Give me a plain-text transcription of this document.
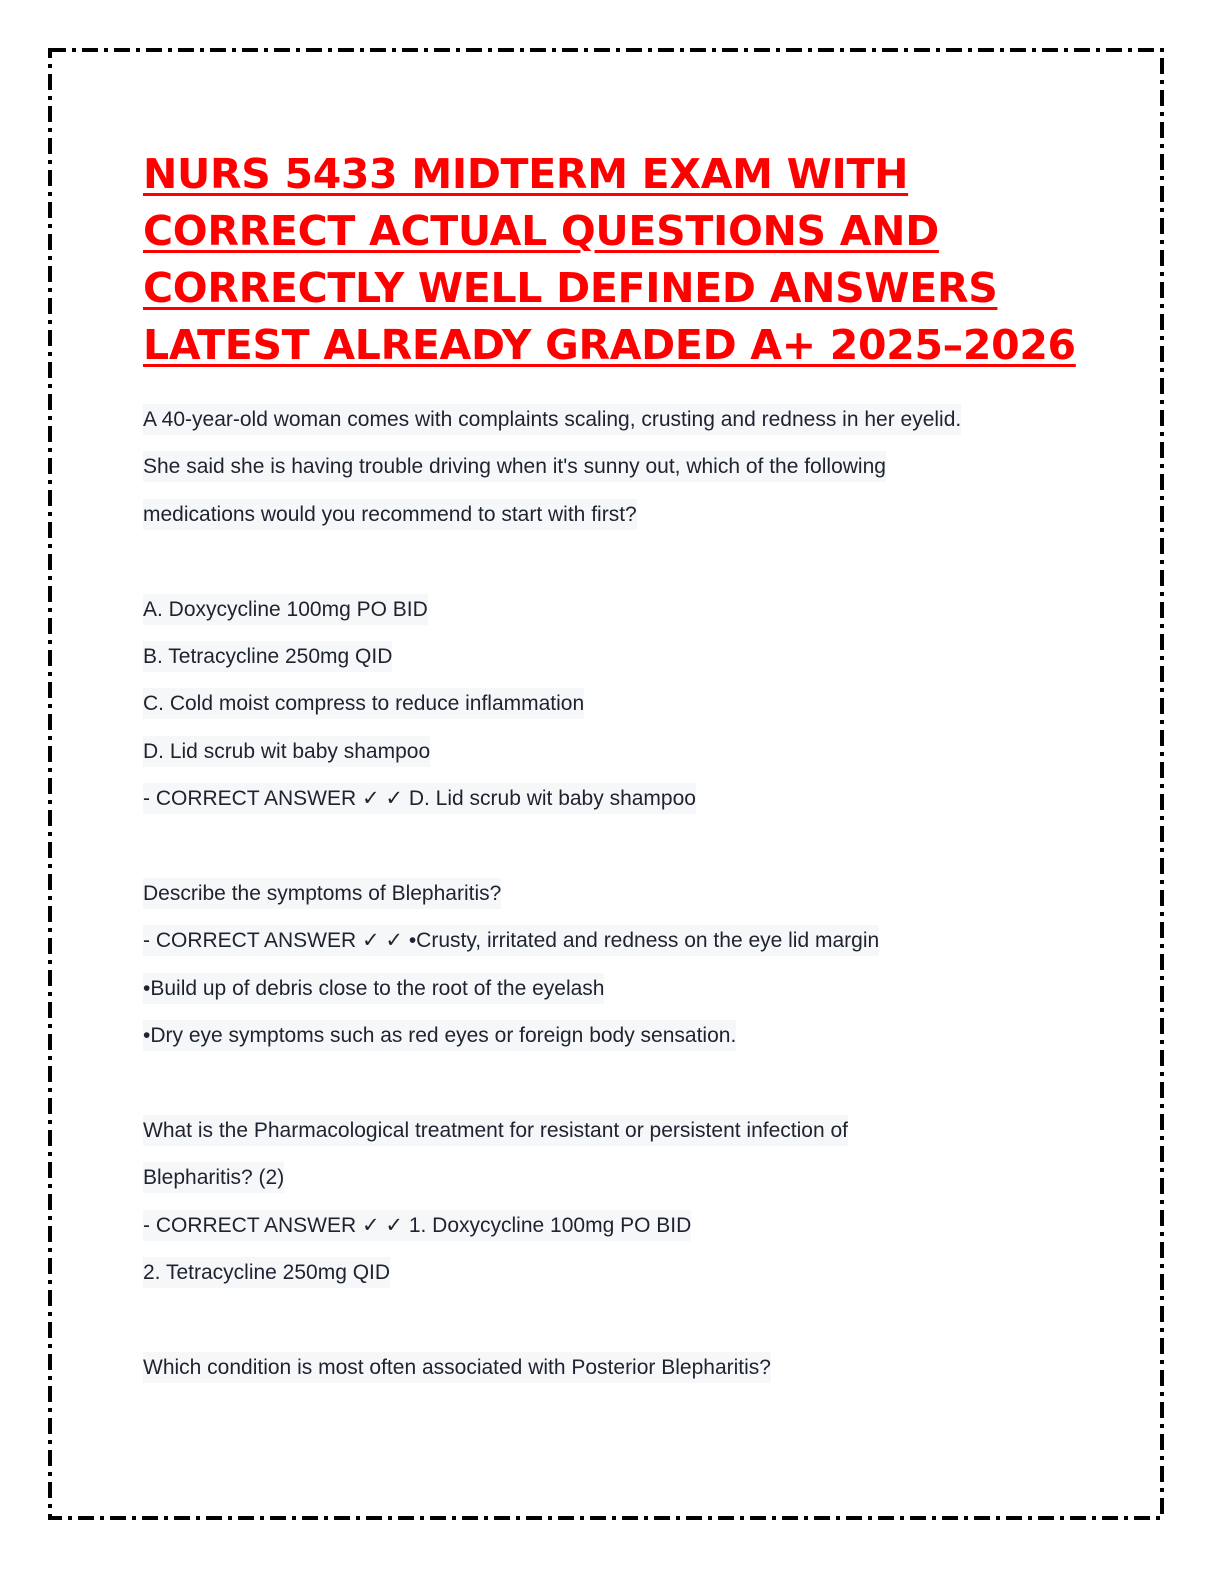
NURS 5433 MIDTERM EXAM WITH
CORRECT ACTUAL QUESTIONS AND
CORRECTLY WELL DEFINED ANSWERS
LATEST ALREADY GRADED A+ 2025–2026
A 40-year-old woman comes with complaints scaling, crusting and redness in her eyelid.
She said she is having trouble driving when it's sunny out, which of the following
medications would you recommend to start with first?
A. Doxycycline 100mg PO BID
B. Tetracycline 250mg QID
C. Cold moist compress to reduce inflammation
D. Lid scrub wit baby shampoo
- CORRECT ANSWER ✓ ✓ D. Lid scrub wit baby shampoo
Describe the symptoms of Blepharitis?
- CORRECT ANSWER ✓ ✓ •Crusty, irritated and redness on the eye lid margin
•Build up of debris close to the root of the eyelash
•Dry eye symptoms such as red eyes or foreign body sensation.
What is the Pharmacological treatment for resistant or persistent infection of
Blepharitis? (2)
- CORRECT ANSWER ✓ ✓ 1. Doxycycline 100mg PO BID
2. Tetracycline 250mg QID
Which condition is most often associated with Posterior Blepharitis?
